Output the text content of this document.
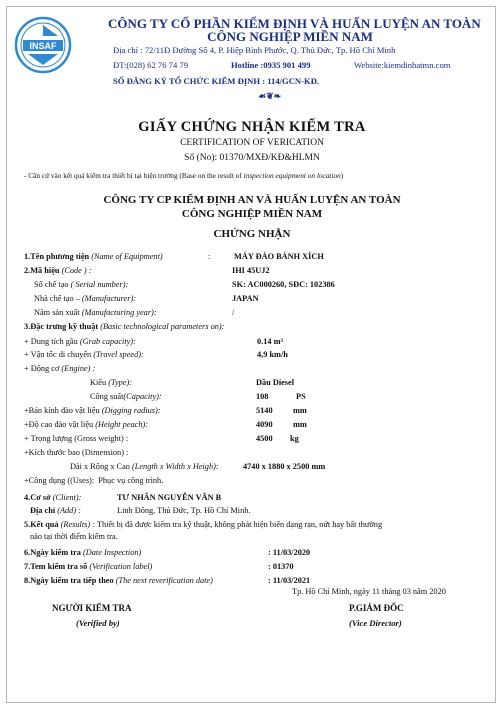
INSAF
CÔNG TY CỔ PHẦN KIỂM ĐỊNH VÀ HUẤN LUYỆN AN TOÀN
CÔNG NGHIỆP MIỀN NAM
Địa chỉ : 72/11Đ Đường Số 4, P. Hiệp Bình Phước, Q. Thủ Đức, Tp. Hồ Chí Minh
ĐT:(028) 62 76 74 79	Hotline :0935 901 499	Website:kiemdinhatmn.com
SỐ ĐĂNG KÝ TỔ CHỨC KIỂM ĐỊNH : 114/GCN-KĐ.
☙❦❧
GIẤY CHỨNG NHẬN KIỂM TRA
CERTIFICATION OF VERICATION
Số (No): 01370/MXĐ/KĐ&HLMN
- Căn cứ vào kết quả kiểm tra thiết bị tại hiện trường (Base on the result of inspection equipment on location)
CÔNG TY CP KIỂM ĐỊNH AN VÀ HUẤN LUYỆN AN TOÀN
CÔNG NGHIỆP MIỀN NAM
CHỨNG NHẬN
1.Tên phương tiện (Name of Equipment)	:	MÁY ĐÀO BÁNH XÍCH
2.Mã hiệu (Code ) :	IHI 45UJ2
Số chế tạo ( Serial number):	SK: AC000260, SĐC: 102386
Nhà chế tạo – (Manufacturer):	JAPAN
Năm sản xuất (Manufacturing year):	/
3.Đặc trưng kỹ thuật (Basic technological parameters on):
+ Dung tích gầu (Grab capacity):	0.14 m³
+ Vận tốc di chuyển (Travel speed):	4,9 km/h
+ Động cơ (Engine) :
Kiểu (Type):	Dầu Diesel
Công suất(Capacity):	108	PS
+Bán kính đào vật liệu (Digging radius):	5140 mm
+Độ cao đào vật liệu (Height peach):	4090 mm
+ Trọng lượng (Gross weight) :	4500 kg
+Kích thước bao (Dimension) :
Dài x Rộng x Cao (Length x Width x Heigh):	4740 x 1880 x 2500 mm
+Công dụng ((Uses): Phục vụ công trình.
4.Cơ sở (Client):	TƯ NHÂN NGUYỄN VĂN B
Địa chỉ (Add) :	Linh Đông, Thủ Đức, Tp. Hồ Chí Minh.
5.Kết quả (Results) : Thiết bị đã được kiểm tra kỹ thuật, không phát hiện biến dạng rạn, nứt hay bất thường
nào tại thời điểm kiểm tra.
6.Ngày kiểm tra (Date Inspection)	: 11/03/2020
7.Tem kiểm tra số (Verification label)	: 01370
8.Ngày kiểm tra tiếp theo (The next reverification date)	: 11/03/2021
Tp. Hồ Chí Minh, ngày 11 tháng 03 năm 2020
NGƯỜI KIỂM TRA
(Verified by)
P.GIÁM ĐỐC
(Vice Director)
